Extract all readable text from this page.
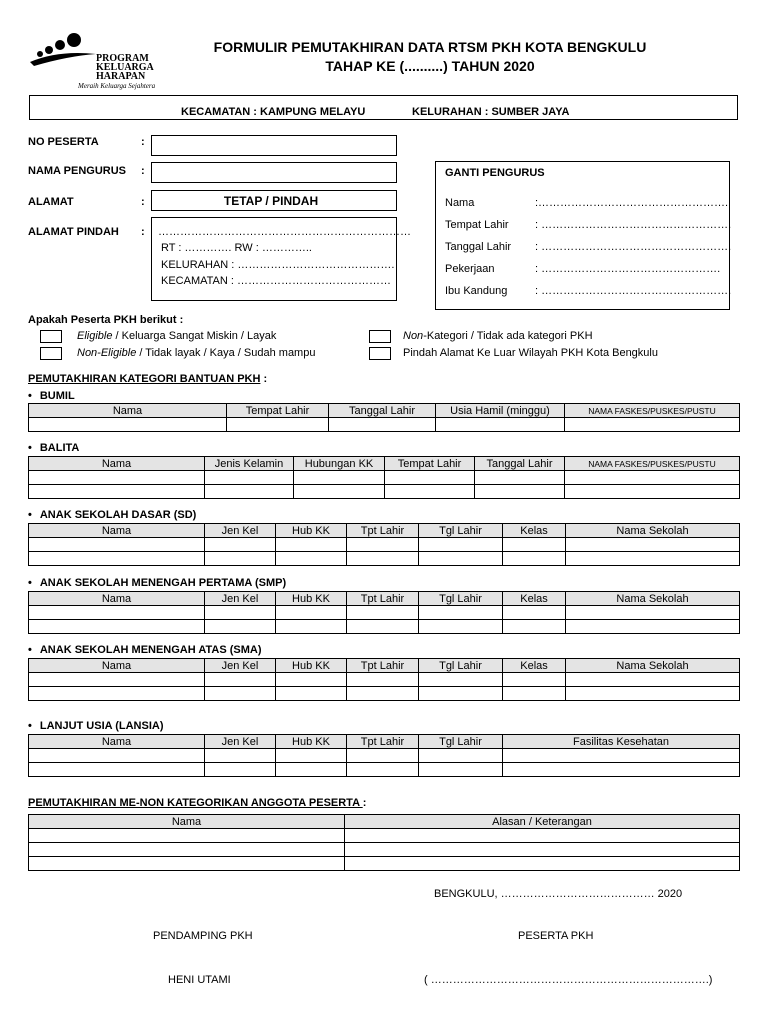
PROGRAM
KELUARGA
HARAPAN
Meraih Keluarga Sejahtera
FORMULIR PEMUTAKHIRAN DATA RTSM PKH KOTA BENGKULU
TAHAP KE (..........) TAHUN 2020
KECAMATAN : KAMPUNG MELAYU	KELURAHAN : SUMBER JAYA
NO PESERTA	:
NAMA PENGURUS :
ALAMAT	:	TETAP / PINDAH
ALAMAT PINDAH : ……………………………………………………………
RT : …………. RW : …………..
KELURAHAN : …………………………………….
KECAMATAN : ……………………………………
GANTI PENGURUS
Nama	:…………………………………………….
Tempat Lahir : …………………………………………….
Tanggal Lahir : …………………………………………….
Pekerjaan	: ………………………………………….
Ibu Kandung	: …………………………………………….
Apakah Peserta PKH berikut :
Eligible / Keluarga Sangat Miskin / Layak
Non-Eligible / Tidak layak / Kaya / Sudah mampu
Non-Kategori / Tidak ada kategori PKH
Pindah Alamat Ke Luar Wilayah PKH Kota Bengkulu
PEMUTAKHIRAN KATEGORI BANTUAN PKH :
• BUMIL
• BALITA
• ANAK SEKOLAH DASAR (SD)
• ANAK SEKOLAH MENENGAH PERTAMA (SMP)
• ANAK SEKOLAH MENENGAH ATAS (SMA)
• LANJUT USIA (LANSIA)
PEMUTAKHIRAN ME-NON KATEGORIKAN ANGGOTA PESERTA :
Nama	Tempat Lahir	Tanggal Lahir	Usia Hamil (minggu)	NAMA FASKES/PUSKES/PUSTU

Nama	Jenis Kelamin	Hubungan KK	Tempat Lahir	Tanggal Lahir	NAMA FASKES/PUSKES/PUSTU

Nama	Jen Kel	Hub KK	Tpt Lahir	Tgl Lahir	Kelas	Nama Sekolah

Nama	Jen Kel	Hub KK	Tpt Lahir	Tgl Lahir	Kelas	Nama Sekolah

Nama	Jen Kel	Hub KK	Tpt Lahir	Tgl Lahir	Kelas	Nama Sekolah

Nama	Jen Kel	Hub KK	Tpt Lahir	Tgl Lahir	Fasilitas Kesehatan

Nama	Alasan / Keterangan

BENGKULU, …………………………………… 2020
PENDAMPING PKH	PESERTA PKH
HENI UTAMI	( ………………………………………………………………….)
